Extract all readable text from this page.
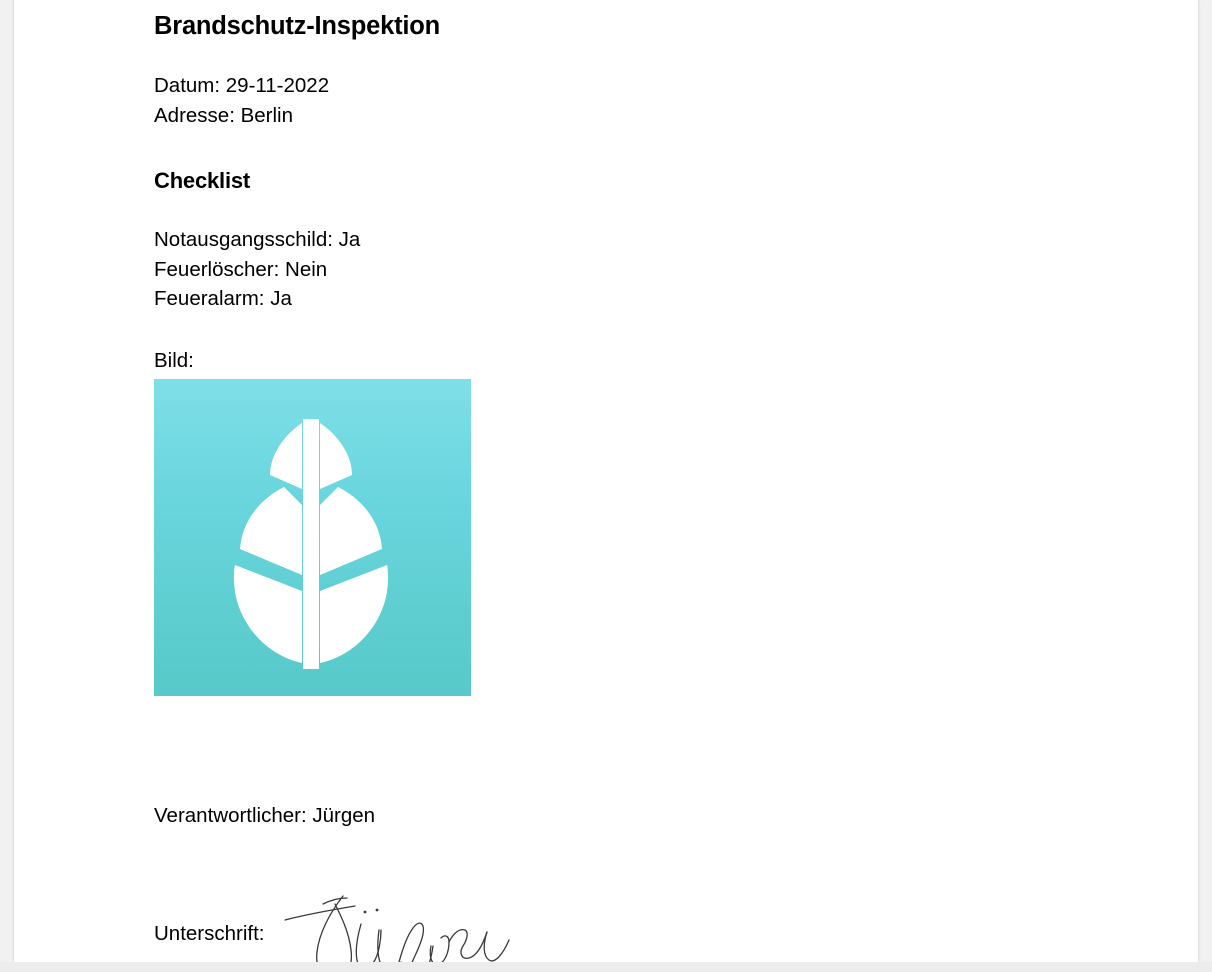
Brandschutz-Inspektion

Datum: 29-11-2022
Adresse: Berlin

Checklist

Notausgangsschild: Ja
Feuerlöscher: Nein
Feueralarm: Ja

Bild:
Verantwortlicher: Jürgen
Unterschrift:
